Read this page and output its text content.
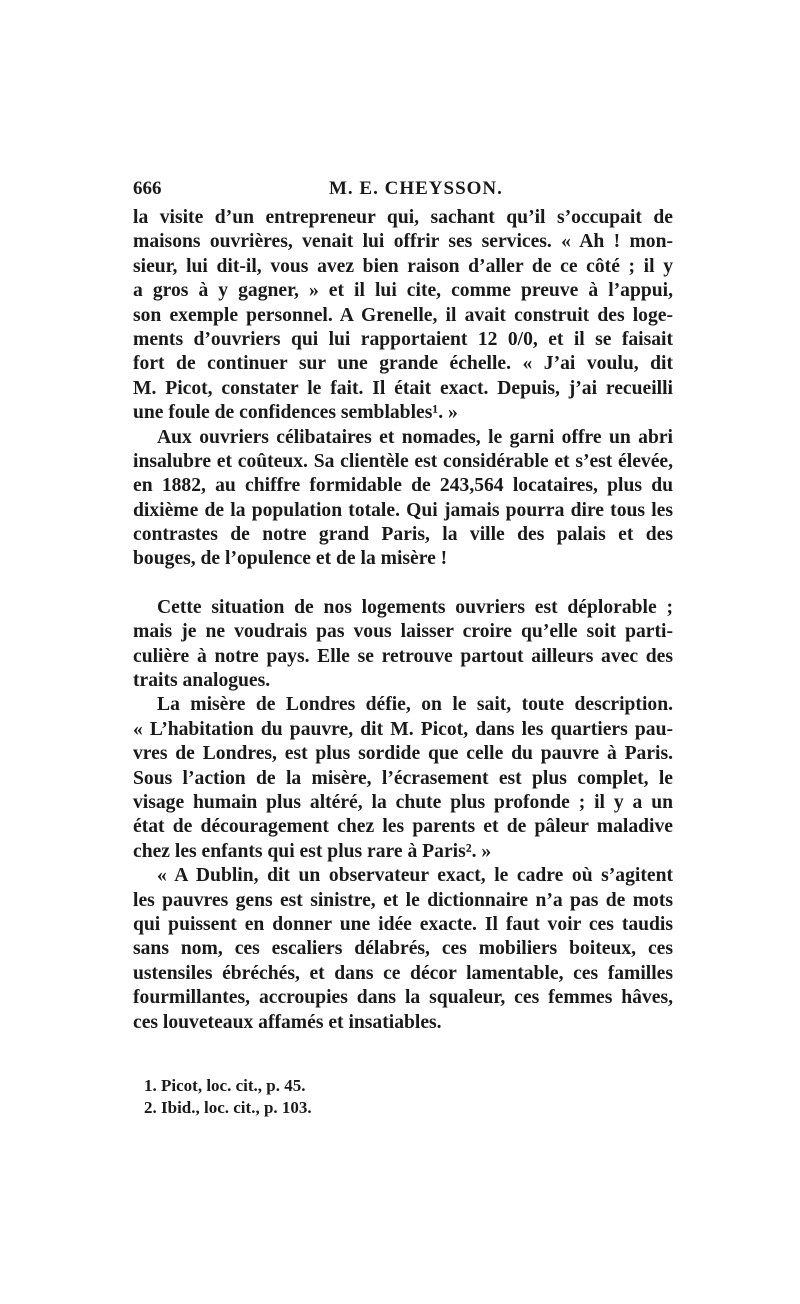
666	M. E. CHEYSSON.
la visite d’un entrepreneur qui, sachant qu’il s’occupait de
maisons ouvrières, venait lui offrir ses services. « Ah ! mon-
sieur, lui dit-il, vous avez bien raison d’aller de ce côté ; il y
a gros à y gagner, » et il lui cite, comme preuve à l’appui,
son exemple personnel. A Grenelle, il avait construit des loge-
ments d’ouvriers qui lui rapportaient 12 0/0, et il se faisait
fort de continuer sur une grande échelle. « J’ai voulu, dit
M. Picot, constater le fait. Il était exact. Depuis, j’ai recueilli
une foule de confidences semblables¹. »
Aux ouvriers célibataires et nomades, le garni offre un abri
insalubre et coûteux. Sa clientèle est considérable et s’est élevée,
en 1882, au chiffre formidable de 243,564 locataires, plus du
dixième de la population totale. Qui jamais pourra dire tous les
contrastes de notre grand Paris, la ville des palais et des
bouges, de l’opulence et de la misère !
Cette situation de nos logements ouvriers est déplorable ;
mais je ne voudrais pas vous laisser croire qu’elle soit parti-
culière à notre pays. Elle se retrouve partout ailleurs avec des
traits analogues.
La misère de Londres défie, on le sait, toute description.
« L’habitation du pauvre, dit M. Picot, dans les quartiers pau-
vres de Londres, est plus sordide que celle du pauvre à Paris.
Sous l’action de la misère, l’écrasement est plus complet, le
visage humain plus altéré, la chute plus profonde ; il y a un
état de découragement chez les parents et de pâleur maladive
chez les enfants qui est plus rare à Paris². »
« A Dublin, dit un observateur exact, le cadre où s’agitent
les pauvres gens est sinistre, et le dictionnaire n’a pas de mots
qui puissent en donner une idée exacte. Il faut voir ces taudis
sans nom, ces escaliers délabrés, ces mobiliers boiteux, ces
ustensiles ébréchés, et dans ce décor lamentable, ces familles
fourmillantes, accroupies dans la squaleur, ces femmes hâves,
ces louveteaux affamés et insatiables.
1. Picot, loc. cit., p. 45.
2. Ibid., loc. cit., p. 103.
